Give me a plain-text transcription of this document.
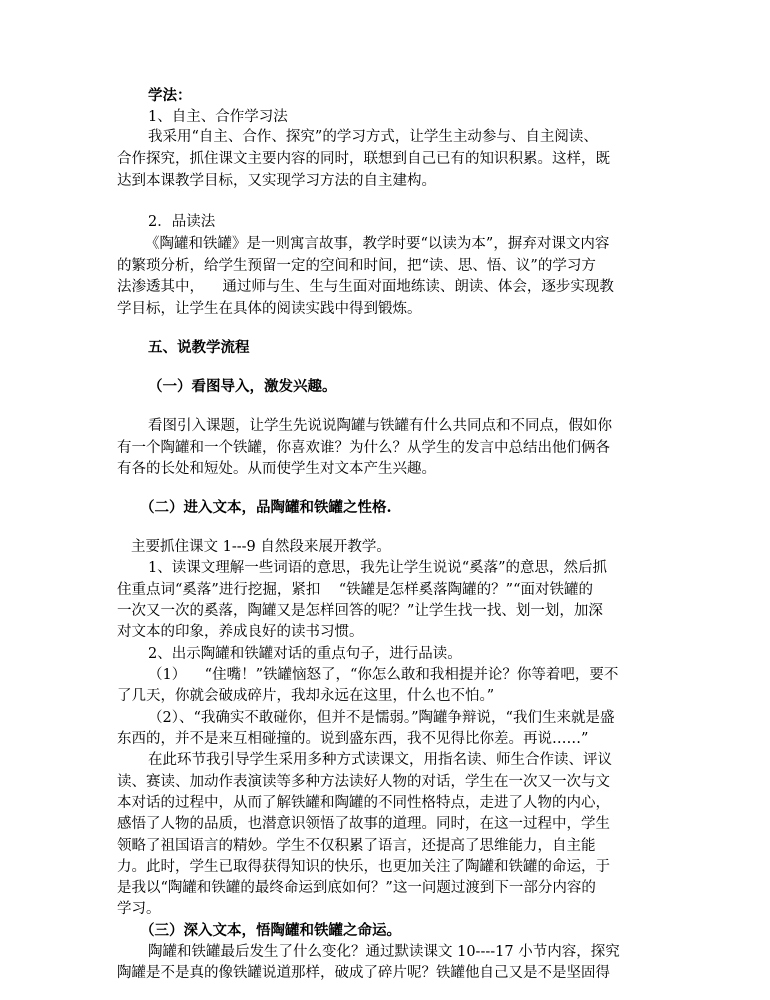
学法：
1、自主、合作学习法
我采用“自主、合作、探究”的学习方式，让学生主动参与、自主阅读、
合作探究，抓住课文主要内容的同时，联想到自己已有的知识积累。这样，既
达到本课教学目标，又实现学习方法的自主建构。
2．品读法
《陶罐和铁罐》是一则寓言故事，教学时要“以读为本”，摒弃对课文内容
的繁琐分析，给学生预留一定的空间和时间，把“读、思、悟、议”的学习方
法渗透其中，    通过师与生、生与生面对面地练读、朗读、体会，逐步实现教
学目标，让学生在具体的阅读实践中得到锻炼。
五、说教学流程
（一）看图导入，激发兴趣。
看图引入课题，让学生先说说陶罐与铁罐有什么共同点和不同点，假如你
有一个陶罐和一个铁罐，你喜欢谁？为什么？从学生的发言中总结出他们俩各
有各的长处和短处。从而使学生对文本产生兴趣。
（二）进入文本，品陶罐和铁罐之性格.
主要抓住课文 1---9 自然段来展开教学。
1、读课文理解一些词语的意思，我先让学生说说“奚落”的意思，然后抓
住重点词“奚落”进行挖掘，紧扣    “铁罐是怎样奚落陶罐的？”“面对铁罐的
一次又一次的奚落，陶罐又是怎样回答的呢？”让学生找一找、划一划，加深
对文本的印象，养成良好的读书习惯。
2、出示陶罐和铁罐对话的重点句子，进行品读。
（1）    “住嘴！”铁罐恼怒了，“你怎么敢和我相提并论？你等着吧，要不
了几天，你就会破成碎片，我却永远在这里，什么也不怕。”
（2）、“我确实不敢碰你，但并不是懦弱。”陶罐争辩说，“我们生来就是盛
东西的，并不是来互相碰撞的。说到盛东西，我不见得比你差。再说……”
在此环节我引导学生采用多种方式读课文，用指名读、师生合作读、评议
读、赛读、加动作表演读等多种方法读好人物的对话，学生在一次又一次与文
本对话的过程中，从而了解铁罐和陶罐的不同性格特点，走进了人物的内心，
感悟了人物的品质，也潜意识领悟了故事的道理。同时，在这一过程中，学生
领略了祖国语言的精妙。学生不仅积累了语言，还提高了思维能力，自主能
力。此时，学生已取得获得知识的快乐，也更加关注了陶罐和铁罐的命运，于
是我以“陶罐和铁罐的最终命运到底如何？”这一问题过渡到下一部分内容的
学习。
（三）深入文本，悟陶罐和铁罐之命运。
陶罐和铁罐最后发生了什么变化？通过默读课文 10----17 小节内容，探究
陶罐是不是真的像铁罐说道那样，破成了碎片呢？铁罐他自己又是不是坚固得
